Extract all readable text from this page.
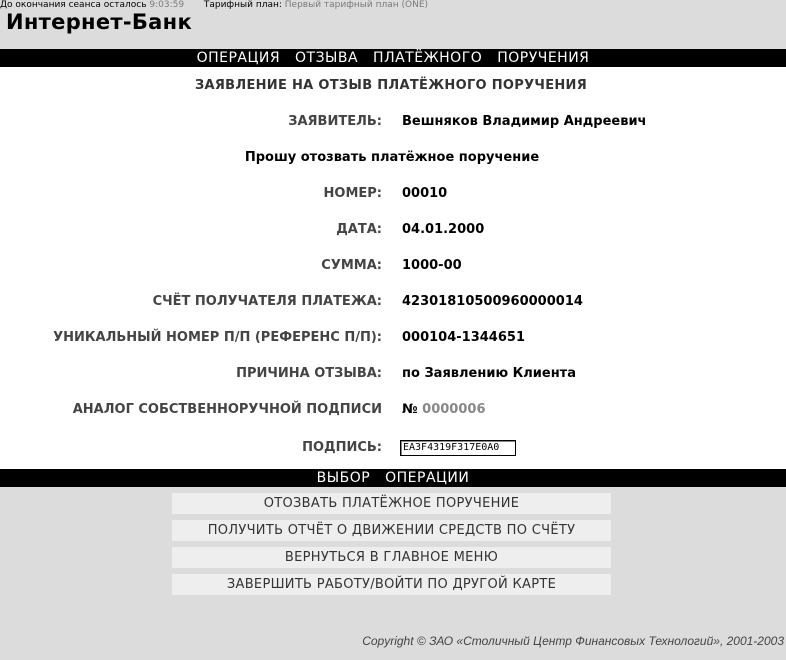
До окончания сеанса осталось 9:03:59 Тарифный план: Первый тарифный план (ONE)
Интернет-Банк
ОПЕРАЦИЯ ОТЗЫВА ПЛАТЁЖНОГО ПОРУЧЕНИЯ
ЗАЯВЛЕНИЕ НА ОТЗЫВ ПЛАТЁЖНОГО ПОРУЧЕНИЯ
ЗАЯВИТЕЛЬ: Вешняков Владимир Андреевич
Прошу отозвать платёжное поручение
НОМЕР: 00010
ДАТА: 04.01.2000
СУММА: 1000-00
СЧЁТ ПОЛУЧАТЕЛЯ ПЛАТЕЖА: 42301810500960000014
УНИКАЛЬНЫЙ НОМЕР П/П (РЕФЕРЕНС П/П): 000104-1344651
ПРИЧИНА ОТЗЫВА: по Заявлению Клиента
АНАЛОГ СОБСТВЕННОРУЧНОЙ ПОДПИСИ № 0000006
ПОДПИСЬ:	EA3F4319F317E0A0
ВЫБОР ОПЕРАЦИИ
ОТОЗВАТЬ ПЛАТЁЖНОЕ ПОРУЧЕНИЕ
ПОЛУЧИТЬ ОТЧЁТ О ДВИЖЕНИИ СРЕДСТВ ПО СЧЁТУ
ВЕРНУТЬСЯ В ГЛАВНОЕ МЕНЮ
ЗАВЕРШИТЬ РАБОТУ/ВОЙТИ ПО ДРУГОЙ КАРТЕ
Copyright © ЗАО «Столичный Центр Финансовых Технологий», 2001-2003
